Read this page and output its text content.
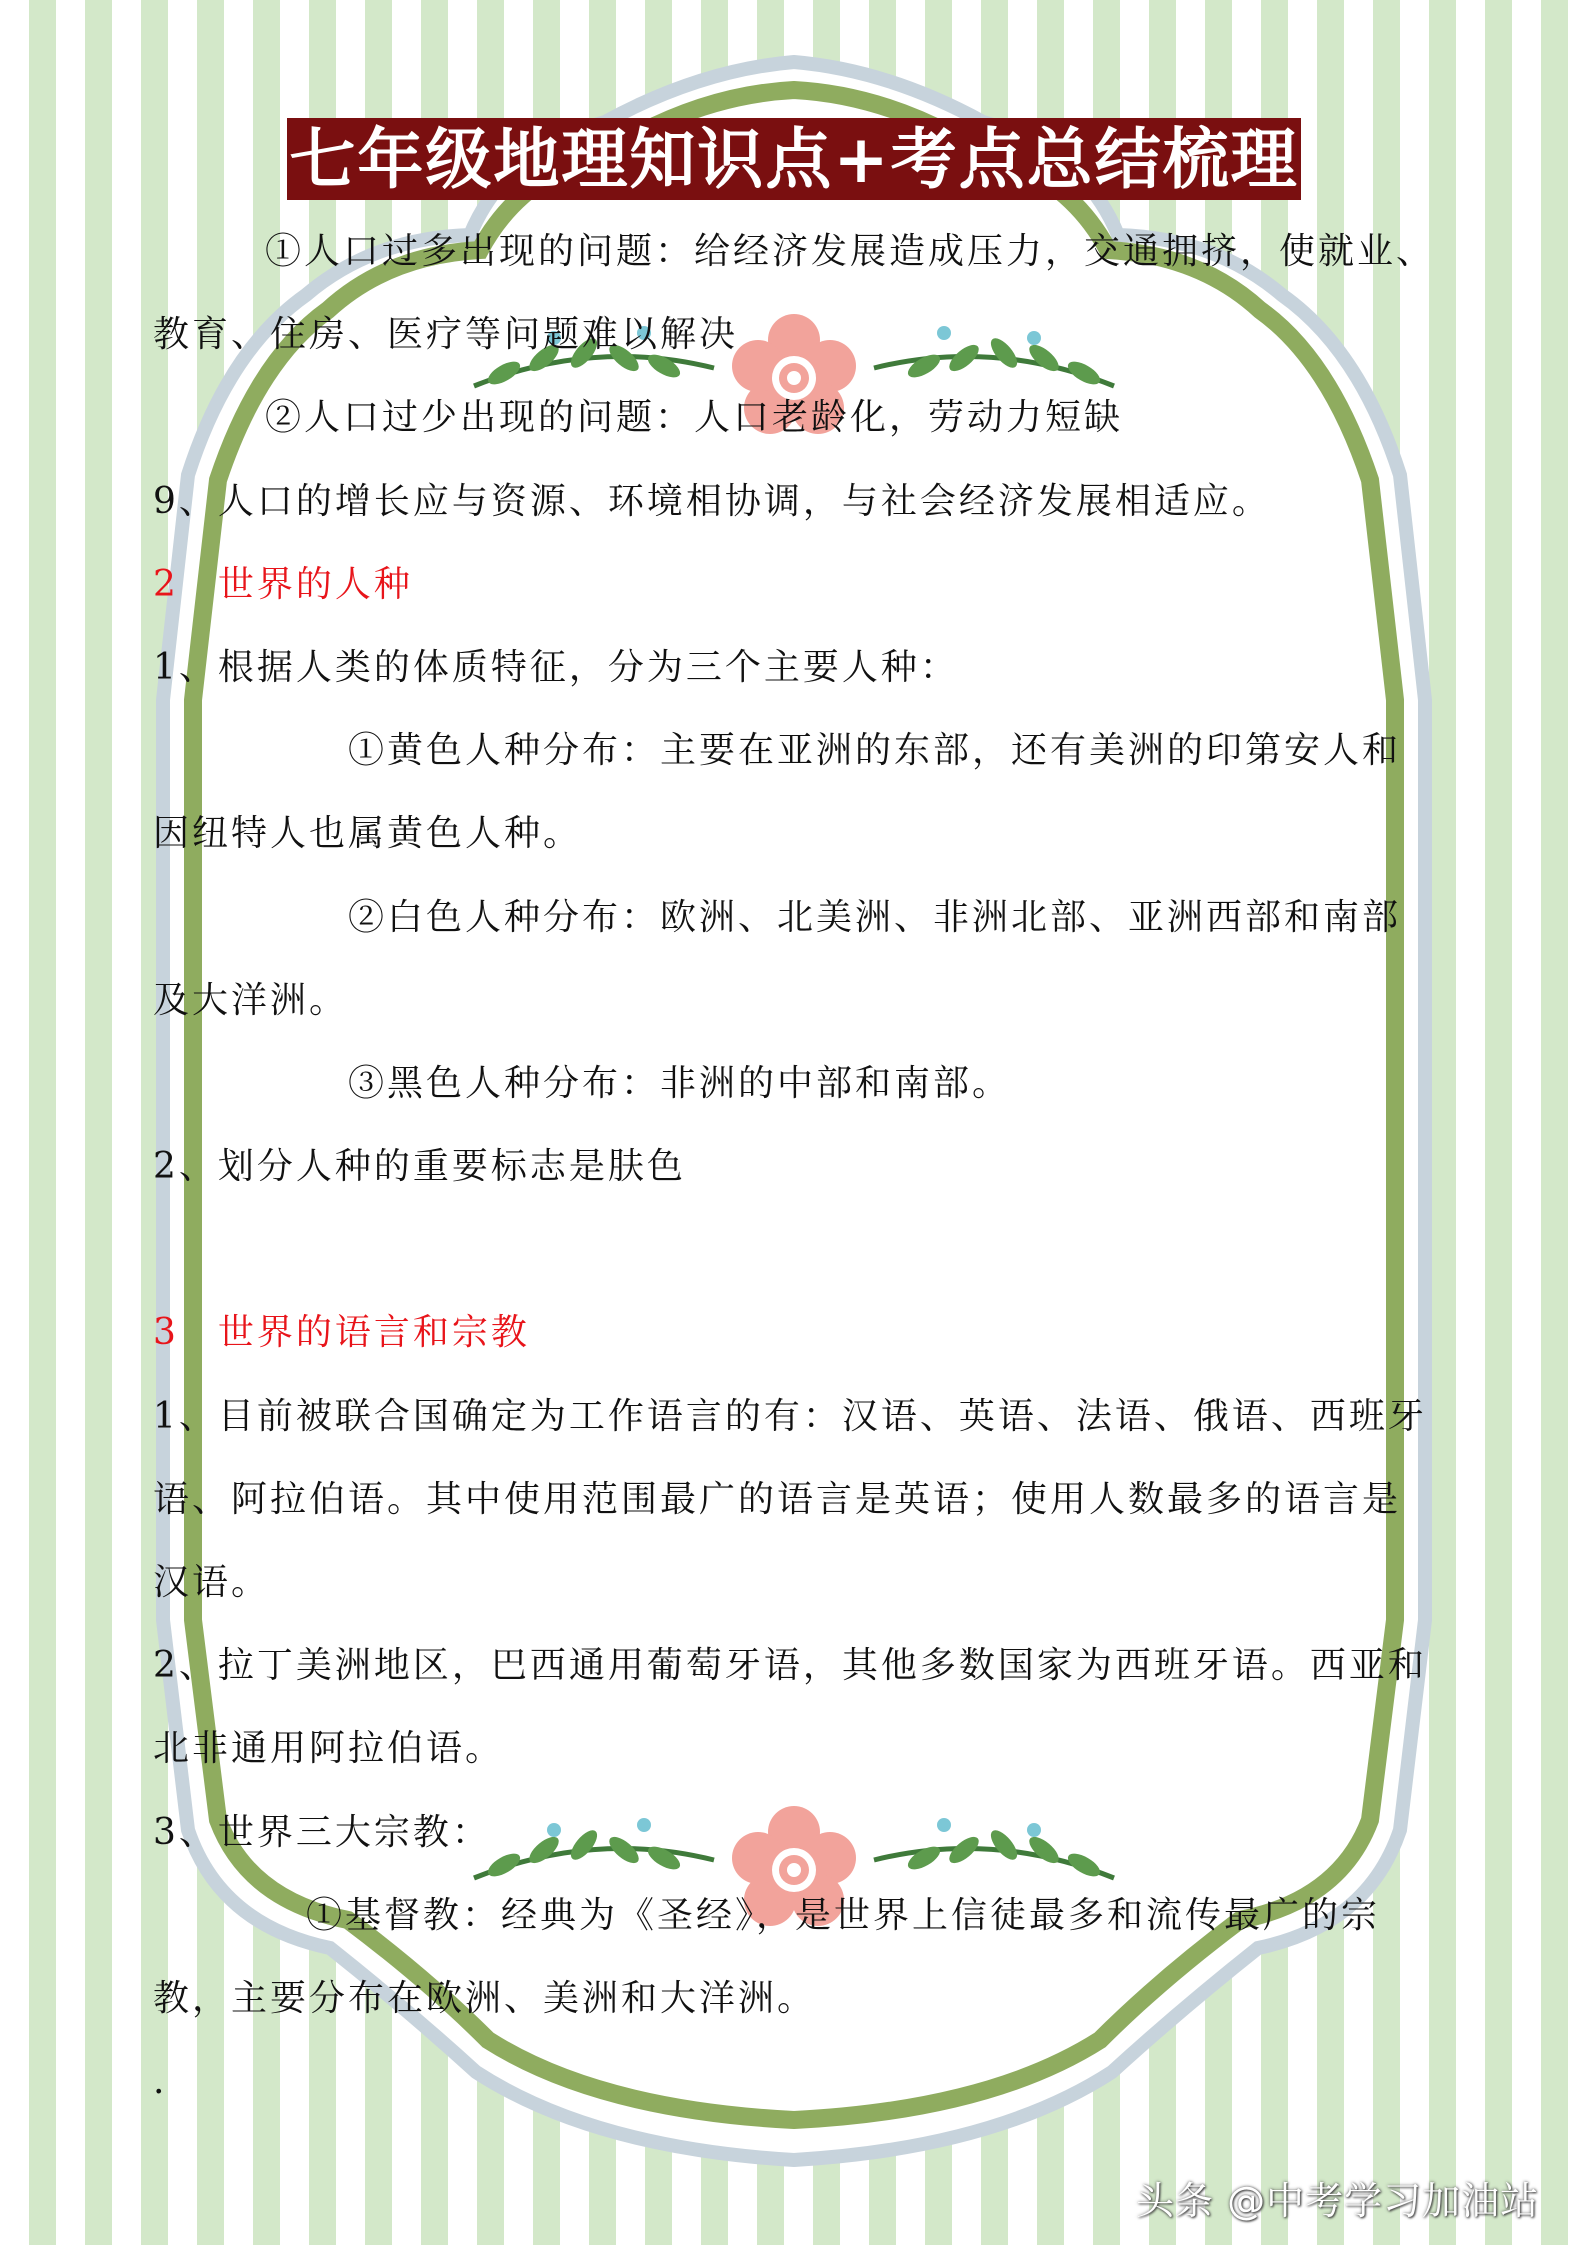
七年级地理知识点+考点总结梳理
①人口过多出现的问题：给经济发展造成压力，交通拥挤，使就业、
教育、住房、医疗等问题难以解决
②人口过少出现的问题：人口老龄化，劳动力短缺
9、人口的增长应与资源、环境相协调，与社会经济发展相适应。
2　世界的人种
1、根据人类的体质特征，分为三个主要人种：
①黄色人种分布：主要在亚洲的东部，还有美洲的印第安人和
因纽特人也属黄色人种。
②白色人种分布：欧洲、北美洲、非洲北部、亚洲西部和南部
及大洋洲。
③黑色人种分布：非洲的中部和南部。
2、划分人种的重要标志是肤色
3　世界的语言和宗教
1、目前被联合国确定为工作语言的有：汉语、英语、法语、俄语、西班牙
语、阿拉伯语。其中使用范围最广的语言是英语；使用人数最多的语言是
汉语。
2、拉丁美洲地区，巴西通用葡萄牙语，其他多数国家为西班牙语。西亚和
北非通用阿拉伯语。
3、世界三大宗教：
①基督教：经典为《圣经》，是世界上信徒最多和流传最广的宗
教，主要分布在欧洲、美洲和大洋洲。
.
头条 @中考学习加油站
